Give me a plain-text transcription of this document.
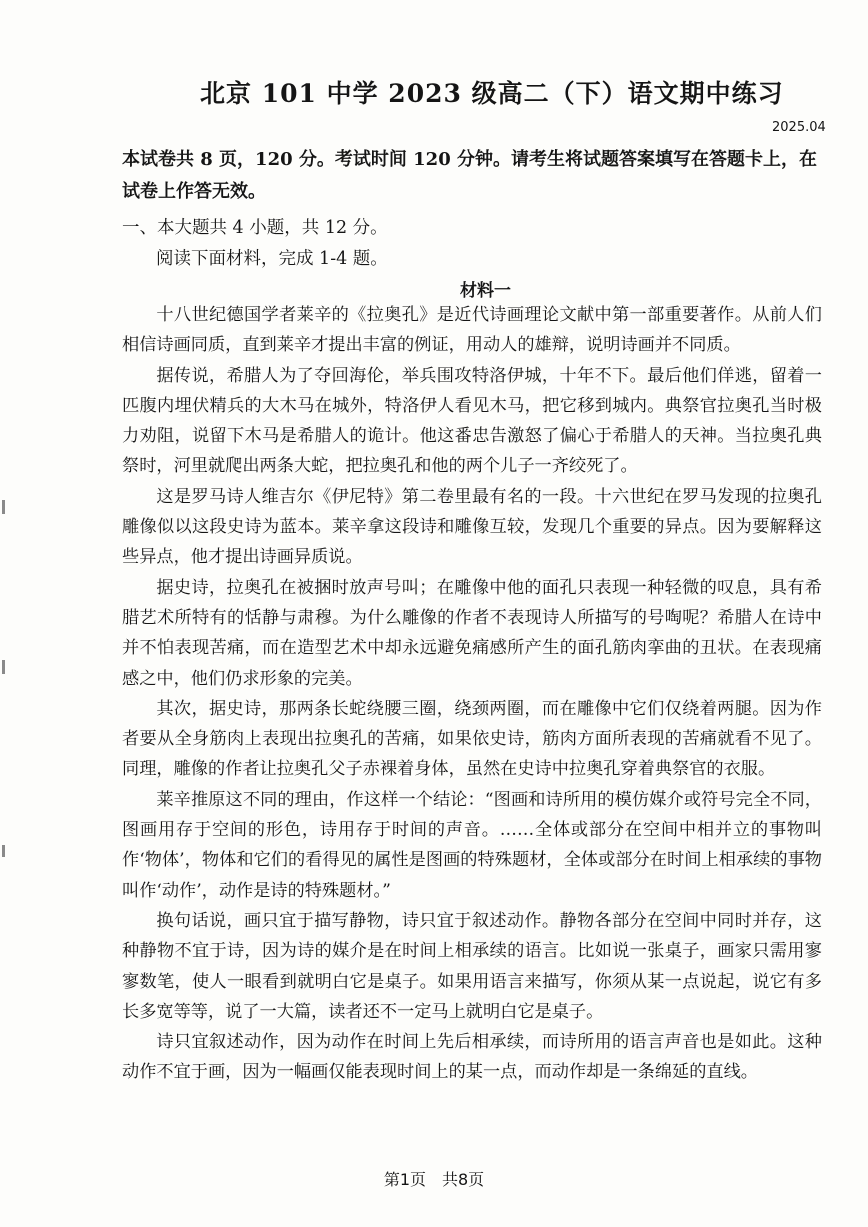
北京 101 中学 2023 级高二（下）语文期中练习
2025.04
本试卷共 8 页，120 分。考试时间 120 分钟。请考生将试题答案填写在答题卡上，在试卷上作答无效。
一、本大题共 4 小题，共 12 分。
阅读下面材料，完成 1-4 题。
材料一

十八世纪德国学者莱辛的《拉奥孔》是近代诗画理论文献中第一部重要著作。从前人们相信诗画同质，直到莱辛才提出丰富的例证，用动人的雄辩，说明诗画并不同质。

据传说，希腊人为了夺回海伦，举兵围攻特洛伊城，十年不下。最后他们佯逃，留着一匹腹内埋伏精兵的大木马在城外，特洛伊人看见木马，把它移到城内。典祭官拉奥孔当时极力劝阻，说留下木马是希腊人的诡计。他这番忠告激怒了偏心于希腊人的天神。当拉奥孔典祭时，河里就爬出两条大蛇，把拉奥孔和他的两个儿子一齐绞死了。

这是罗马诗人维吉尔《伊尼特》第二卷里最有名的一段。十六世纪在罗马发现的拉奥孔雕像似以这段史诗为蓝本。莱辛拿这段诗和雕像互较，发现几个重要的异点。因为要解释这些异点，他才提出诗画异质说。

据史诗，拉奥孔在被捆时放声号叫；在雕像中他的面孔只表现一种轻微的叹息，具有希腊艺术所特有的恬静与肃穆。为什么雕像的作者不表现诗人所描写的号啕呢？希腊人在诗中并不怕表现苦痛，而在造型艺术中却永远避免痛感所产生的面孔筋肉挛曲的丑状。在表现痛感之中，他们仍求形象的完美。

其次，据史诗，那两条长蛇绕腰三圈，绕颈两圈，而在雕像中它们仅绕着两腿。因为作者要从全身筋肉上表现出拉奥孔的苦痛，如果依史诗，筋肉方面所表现的苦痛就看不见了。同理，雕像的作者让拉奥孔父子赤裸着身体，虽然在史诗中拉奥孔穿着典祭官的衣服。

莱辛推原这不同的理由，作这样一个结论：“图画和诗所用的模仿媒介或符号完全不同，图画用存于空间的形色，诗用存于时间的声音。……全体或部分在空间中相并立的事物叫作‘物体’，物体和它们的看得见的属性是图画的特殊题材，全体或部分在时间上相承续的事物叫作‘动作’，动作是诗的特殊题材。”

换句话说，画只宜于描写静物，诗只宜于叙述动作。静物各部分在空间中同时并存，这种静物不宜于诗，因为诗的媒介是在时间上相承续的语言。比如说一张桌子，画家只需用寥寥数笔，使人一眼看到就明白它是桌子。如果用语言来描写，你须从某一点说起，说它有多长多宽等等，说了一大篇，读者还不一定马上就明白它是桌子。

诗只宜叙述动作，因为动作在时间上先后相承续，而诗所用的语言声音也是如此。这种动作不宜于画，因为一幅画仅能表现时间上的某一点，而动作却是一条绵延的直线。

第1页　共8页
